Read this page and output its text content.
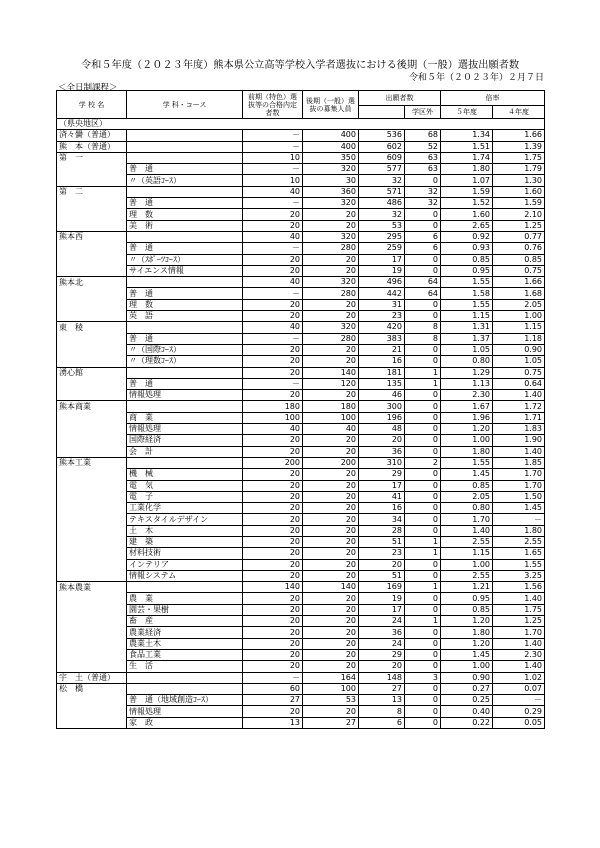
令和５年度（２０２３年度）熊本県公立高等学校入学者選抜における後期（一般）選抜出願者数
令和５年（２０２３年）２月７日
＜全日制課程＞
学 校 名	学 科・コース	前期（特色）選抜等の合格内定者数	後期（一般）選抜の募集人員	出願者数		倍率	
					学区外	５年度	４年度
（県央地区）							
済々黌（普通）		－	400	536	68	1.34	1.66
熊　本（普通）		－	400	602	52	1.51	1.39
第　一		10	350	609	63	1.74	1.75
	普　通	－	320	577	63	1.80	1.79
	〃（英語ｺｰｽ）	10	30	32	0	1.07	1.30
第　二		40	360	571	32	1.59	1.60
	普　通	－	320	486	32	1.52	1.59
	理　数	20	20	32	0	1.60	2.10
	美　術	20	20	53	0	2.65	1.25
熊本西		40	320	295	6	0.92	0.77
	普　通	－	280	259	6	0.93	0.76
	〃（ｽﾎﾟｰﾂｺｰｽ）	20	20	17	0	0.85	0.85
	サイエンス情報	20	20	19	0	0.95	0.75
熊本北		40	320	496	64	1.55	1.66
	普　通	－	280	442	64	1.58	1.68
	理　数	20	20	31	0	1.55	2.05
	英　語	20	20	23	0	1.15	1.00
東　稜		40	320	420	8	1.31	1.15
	普　通	－	280	383	8	1.37	1.18
	〃（国際ｺｰｽ）	20	20	21	0	1.05	0.90
	〃（理数ｺｰｽ）	20	20	16	0	0.80	1.05
湧心館		20	140	181	1	1.29	0.75
	普　通	－	120	135	1	1.13	0.64
	情報処理	20	20	46	0	2.30	1.40
熊本商業		180	180	300	0	1.67	1.72
	商　業	100	100	196	0	1.96	1.71
	情報処理	40	40	48	0	1.20	1.83
	国際経済	20	20	20	0	1.00	1.90
	会　計	20	20	36	0	1.80	1.40
熊本工業		200	200	310	2	1.55	1.85
	機　械	20	20	29	0	1.45	1.70
	電　気	20	20	17	0	0.85	1.70
	電　子	20	20	41	0	2.05	1.50
	工業化学	20	20	16	0	0.80	1.45
	テキスタイルデザイン	20	20	34	0	1.70	－
	土　木	20	20	28	0	1.40	1.80
	建　築	20	20	51	1	2.55	2.55
	材料技術	20	20	23	1	1.15	1.65
	インテリア	20	20	20	0	1.00	1.55
	情報システム	20	20	51	0	2.55	3.25
熊本農業		140	140	169	1	1.21	1.56
	農　業	20	20	19	0	0.95	1.40
	園芸・果樹	20	20	17	0	0.85	1.75
	畜　産	20	20	24	1	1.20	1.25
	農業経済	20	20	36	0	1.80	1.70
	農業土木	20	20	24	0	1.20	1.40
	食品工業	20	20	29	0	1.45	2.30
	生　活	20	20	20	0	1.00	1.40
宇　土（普通）		－	164	148	3	0.90	1.02
松　橋		60	100	27	0	0.27	0.07
	普　通（地域創造ｺｰｽ）	27	53	13	0	0.25	－
	情報処理	20	20	8	0	0.40	0.29
	家　政	13	27	6	0	0.22	0.05
